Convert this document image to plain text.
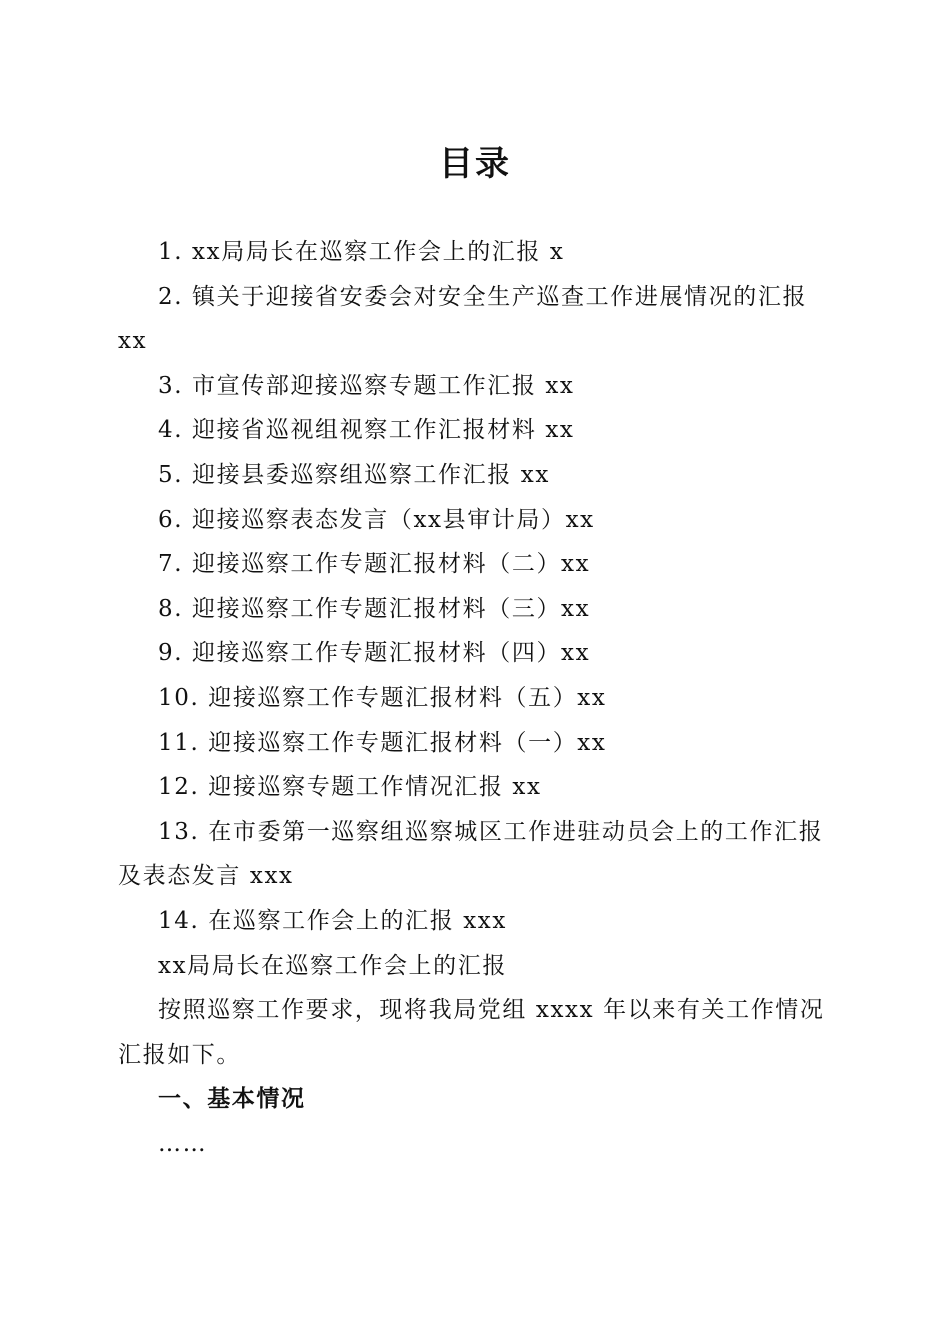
目录

1. xx局局长在巡察工作会上的汇报 x

2. 镇关于迎接省安委会对安全生产巡查工作进展情况的汇报 xx

3. 市宣传部迎接巡察专题工作汇报 xx

4. 迎接省巡视组视察工作汇报材料 xx

5. 迎接县委巡察组巡察工作汇报 xx

6. 迎接巡察表态发言（xx县审计局）xx

7. 迎接巡察工作专题汇报材料（二）xx

8. 迎接巡察工作专题汇报材料（三）xx

9. 迎接巡察工作专题汇报材料（四）xx

10. 迎接巡察工作专题汇报材料（五）xx

11. 迎接巡察工作专题汇报材料（一）xx

12. 迎接巡察专题工作情况汇报 xx

13. 在市委第一巡察组巡察城区工作进驻动员会上的工作汇报及表态发言 xxx

14. 在巡察工作会上的汇报 xxx

xx局局长在巡察工作会上的汇报

按照巡察工作要求，现将我局党组 xxxx 年以来有关工作情况汇报如下。

一、基本情况

……
